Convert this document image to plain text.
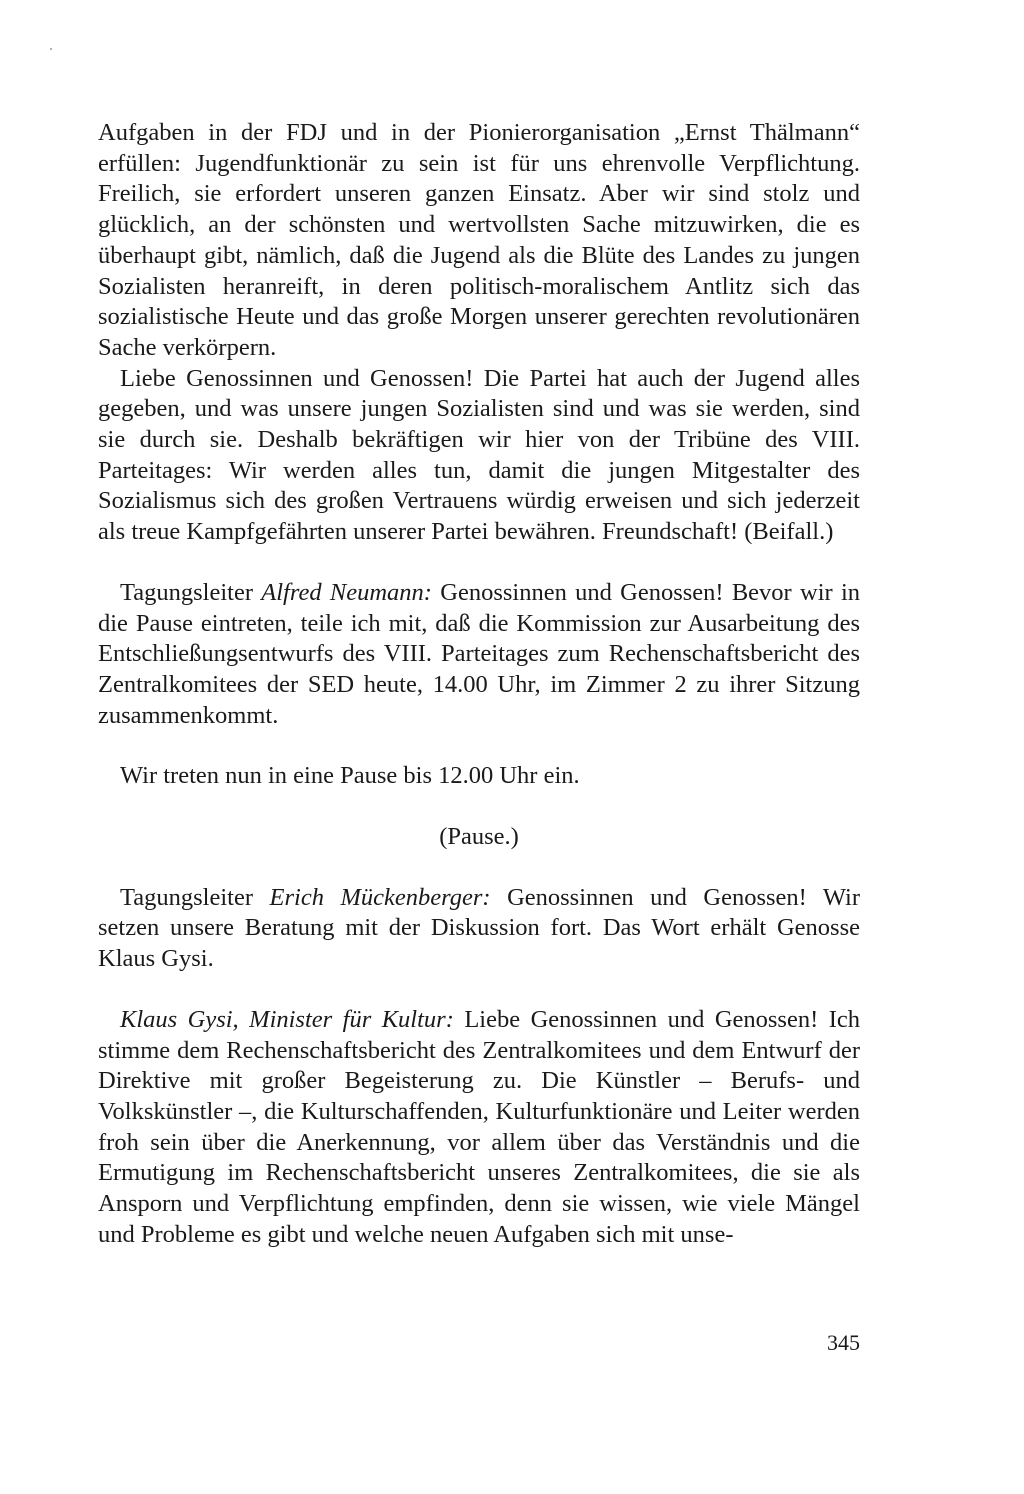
Aufgaben in der FDJ und in der Pionierorganisation „Ernst Thälmann“ erfüllen: Jugendfunktionär zu sein ist für uns ehrenvolle Verpflichtung. Freilich, sie erfordert unseren ganzen Einsatz. Aber wir sind stolz und glücklich, an der schönsten und wertvollsten Sache mitzuwirken, die es überhaupt gibt, nämlich, daß die Jugend als die Blüte des Landes zu jungen Sozialisten heranreift, in deren politisch-moralischem Antlitz sich das sozialistische Heute und das große Morgen unserer gerechten revolutionären Sache verkörpern.

Liebe Genossinnen und Genossen! Die Partei hat auch der Jugend alles gegeben, und was unsere jungen Sozialisten sind und was sie werden, sind sie durch sie. Deshalb bekräftigen wir hier von der Tribüne des VIII. Parteitages: Wir werden alles tun, damit die jungen Mitgestalter des Sozialismus sich des großen Vertrauens würdig erweisen und sich jederzeit als treue Kampfgefährten unserer Partei bewähren. Freundschaft! (Beifall.)

Tagungsleiter Alfred Neumann: Genossinnen und Genossen! Bevor wir in die Pause eintreten, teile ich mit, daß die Kommission zur Ausarbeitung des Entschließungsentwurfs des VIII. Parteitages zum Rechenschaftsbericht des Zentralkomitees der SED heute, 14.00 Uhr, im Zimmer 2 zu ihrer Sitzung zusammenkommt.

Wir treten nun in eine Pause bis 12.00 Uhr ein.

(Pause.)

Tagungsleiter Erich Mückenberger: Genossinnen und Genossen! Wir setzen unsere Beratung mit der Diskussion fort. Das Wort erhält Genosse Klaus Gysi.

Klaus Gysi, Minister für Kultur: Liebe Genossinnen und Genossen! Ich stimme dem Rechenschaftsbericht des Zentralkomitees und dem Entwurf der Direktive mit großer Begeisterung zu. Die Künstler – Berufs- und Volkskünstler –, die Kulturschaffenden, Kulturfunktionäre und Leiter werden froh sein über die Anerkennung, vor allem über das Verständnis und die Ermutigung im Rechenschaftsbericht unseres Zentralkomitees, die sie als Ansporn und Verpflichtung empfinden, denn sie wissen, wie viele Mängel und Probleme es gibt und welche neuen Aufgaben sich mit unse-

345
